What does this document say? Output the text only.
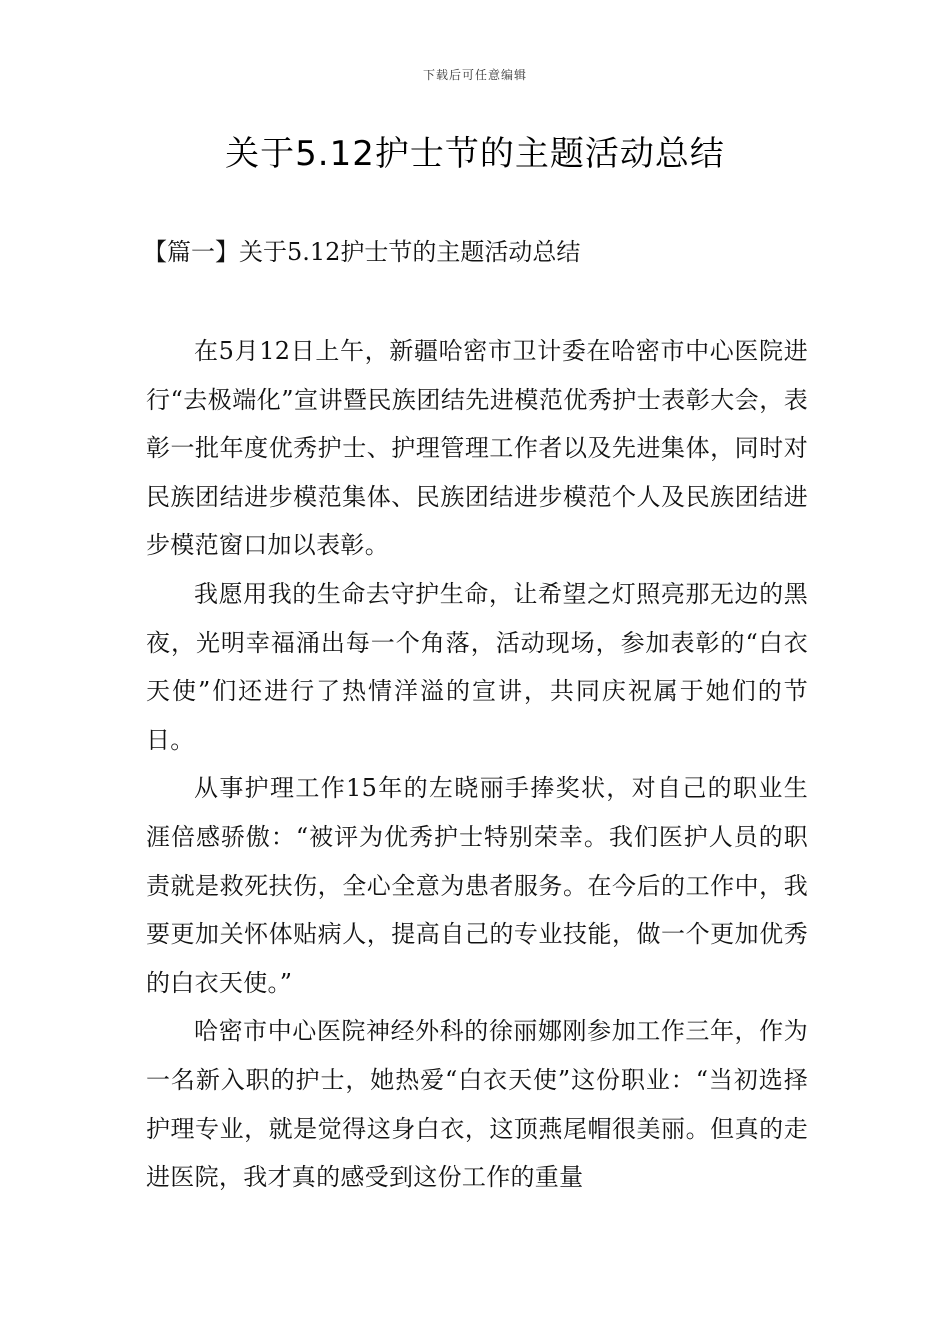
下载后可任意编辑
关于5.12护士节的主题活动总结
【篇一】关于5.12护士节的主题活动总结

在5月12日上午，新疆哈密市卫计委在哈密市中心医院进行“去极端化”宣讲暨民族团结先进模范优秀护士表彰大会，表彰一批年度优秀护士、护理管理工作者以及先进集体，同时对民族团结进步模范集体、民族团结进步模范个人及民族团结进步模范窗口加以表彰。

我愿用我的生命去守护生命，让希望之灯照亮那无边的黑夜，光明幸福涌出每一个角落，活动现场，参加表彰的“白衣天使”们还进行了热情洋溢的宣讲，共同庆祝属于她们的节日。

从事护理工作15年的左晓丽手捧奖状，对自己的职业生涯倍感骄傲：“被评为优秀护士特别荣幸。我们医护人员的职责就是救死扶伤，全心全意为患者服务。在今后的工作中，我要更加关怀体贴病人，提高自己的专业技能，做一个更加优秀的白衣天使。”

哈密市中心医院神经外科的徐丽娜刚参加工作三年，作为一名新入职的护士，她热爱“白衣天使”这份职业：“当初选择护理专业，就是觉得这身白衣，这顶燕尾帽很美丽。但真的走进医院，我才真的感受到这份工作的重量
